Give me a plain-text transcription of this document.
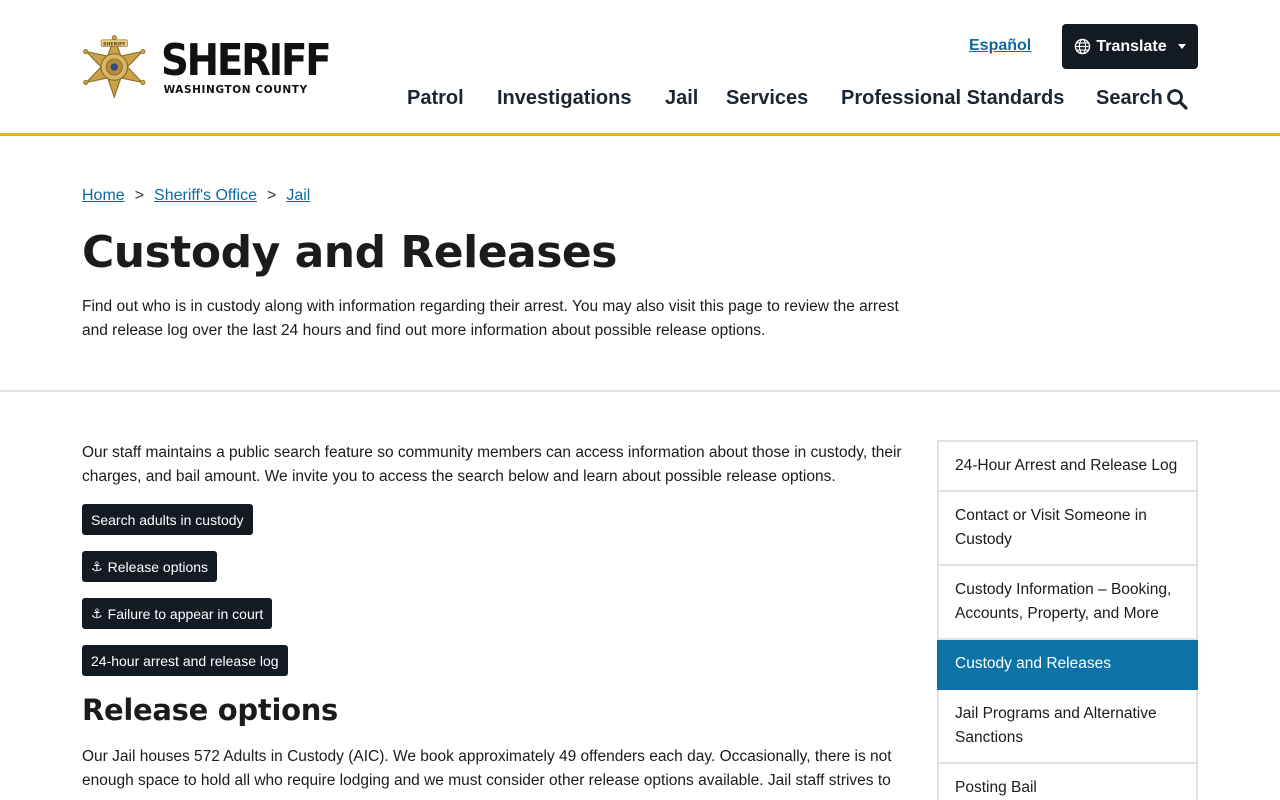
SHERIFF SHERIFF
WASHINGTON COUNTY
Español	Translate
Patrol Investigations Jail Services Professional Standards Search
Home > Sheriff's Office > Jail
Custody and Releases

Find out who is in custody along with information regarding their arrest. You may also visit this page to review the arrest and release log over the last 24 hours and find out more information about possible release options.

Our staff maintains a public search feature so community members can access information about those in custody, their charges, and bail amount. We invite you to access the search below and learn about possible release options.

Search adults in custody
⚓ Release options
⚓ Failure to appear in court
24-hour arrest and release log
Release options

Our Jail houses 572 Adults in Custody (AIC). We book approximately 49 offenders each day. Occasionally, there is not enough space to hold all who require lodging and we must consider other release options available. Jail staff strives to

24-Hour Arrest and Release Log
Contact or Visit Someone in Custody
Custody Information – Booking, Accounts, Property, and More
Custody and Releases
Jail Programs and Alternative Sanctions
Posting Bail
